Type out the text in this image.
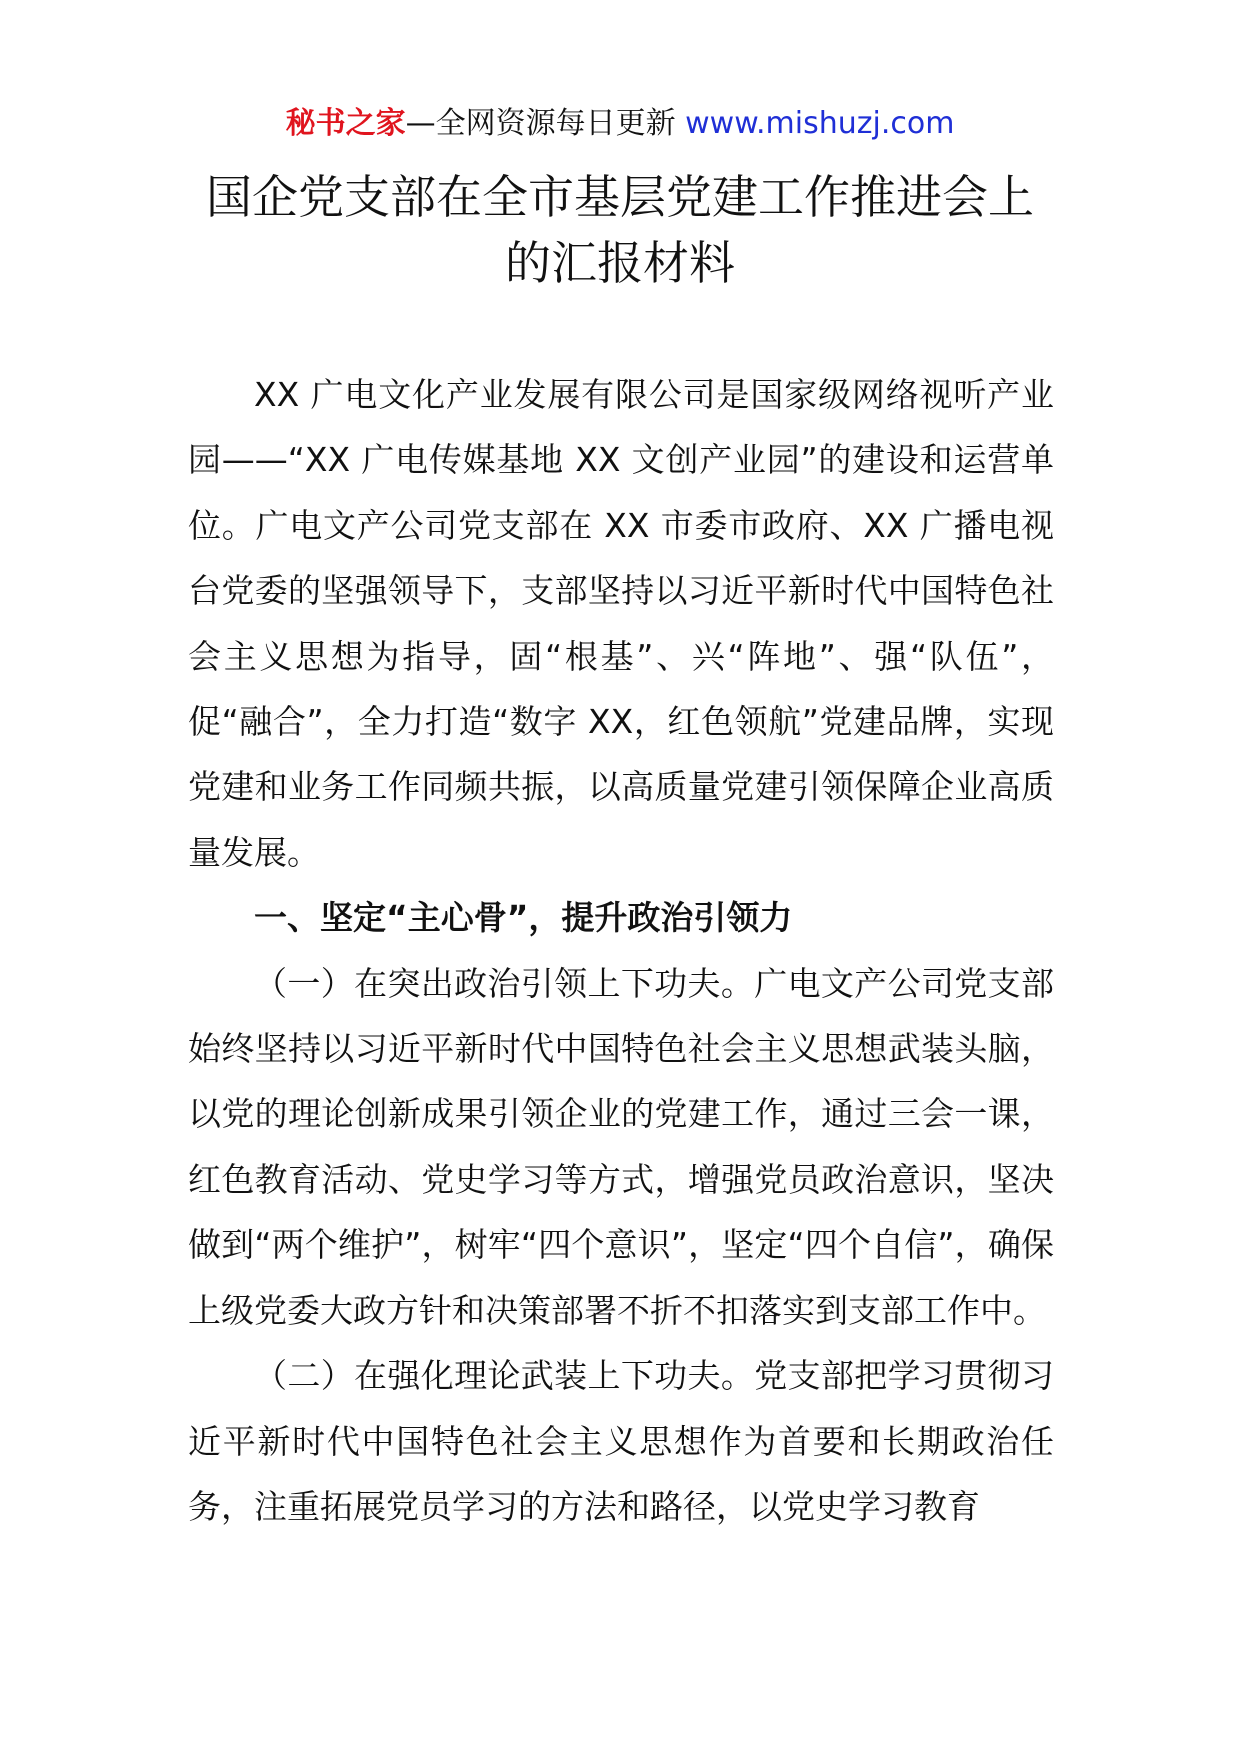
秘书之家—全网资源每日更新 www.mishuzj.com
国企党支部在全市基层党建工作推进会上
的汇报材料

XX 广电文化产业发展有限公司是国家级网络视听产业园——“XX 广电传媒基地 XX 文创产业园”的建设和运营单位。广电文产公司党支部在 XX 市委市政府、XX 广播电视台党委的坚强领导下，支部坚持以习近平新时代中国特色社会主义思想为指导，固“根基”、兴“阵地”、强“队伍”，促“融合”，全力打造“数字 XX，红色领航”党建品牌，实现党建和业务工作同频共振，以高质量党建引领保障企业高质量发展。

一、坚定“主心骨”，提升政治引领力

（一）在突出政治引领上下功夫。广电文产公司党支部始终坚持以习近平新时代中国特色社会主义思想武装头脑，以党的理论创新成果引领企业的党建工作，通过三会一课，红色教育活动、党史学习等方式，增强党员政治意识，坚决做到“两个维护”，树牢“四个意识”，坚定“四个自信”，确保上级党委大政方针和决策部署不折不扣落实到支部工作中。

（二）在强化理论武装上下功夫。党支部把学习贯彻习近平新时代中国特色社会主义思想作为首要和长期政治任务，注重拓展党员学习的方法和路径，以党史学习教育
